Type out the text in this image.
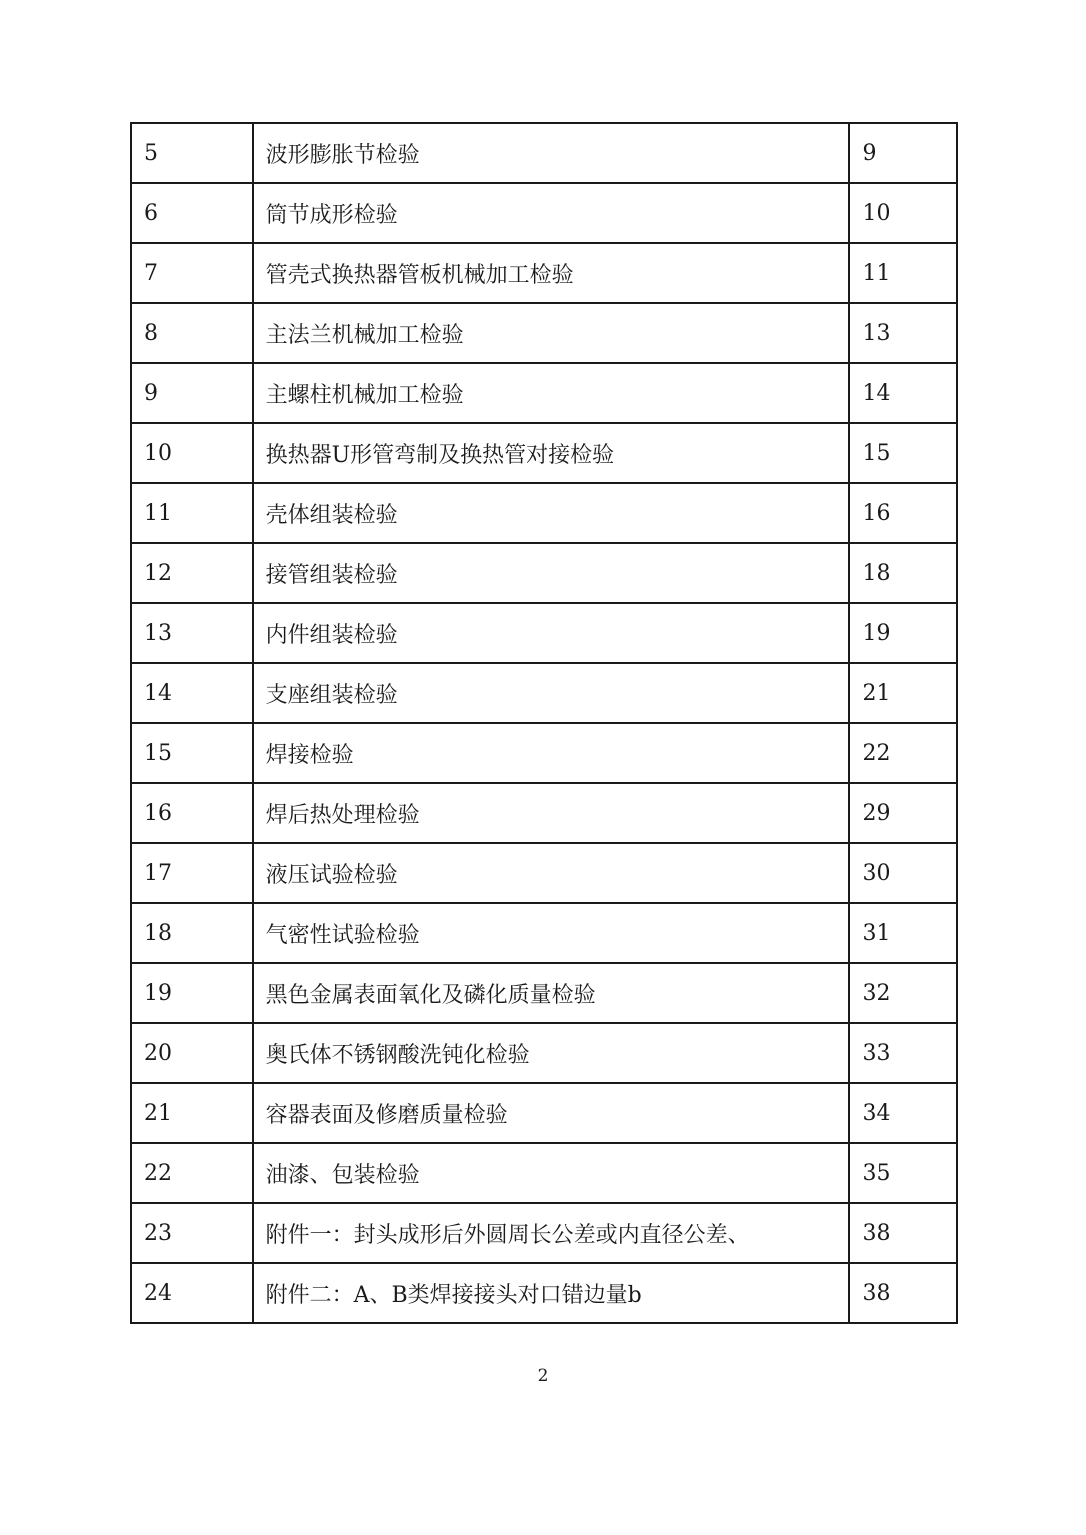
5	波形膨胀节检验	9
6	筒节成形检验	10
7	管壳式换热器管板机械加工检验	11
8	主法兰机械加工检验	13
9	主螺柱机械加工检验	14
10	换热器U形管弯制及换热管对接检验	15
11	壳体组装检验	16
12	接管组装检验	18
13	内件组装检验	19
14	支座组装检验	21
15	焊接检验	22
16	焊后热处理检验	29
17	液压试验检验	30
18	气密性试验检验	31
19	黑色金属表面氧化及磷化质量检验	32
20	奥氏体不锈钢酸洗钝化检验	33
21	容器表面及修磨质量检验	34
22	油漆、包装检验	35
23	附件一：封头成形后外圆周长公差或内直径公差、	38
24	附件二：A、B类焊接接头对口错边量b	38
2
